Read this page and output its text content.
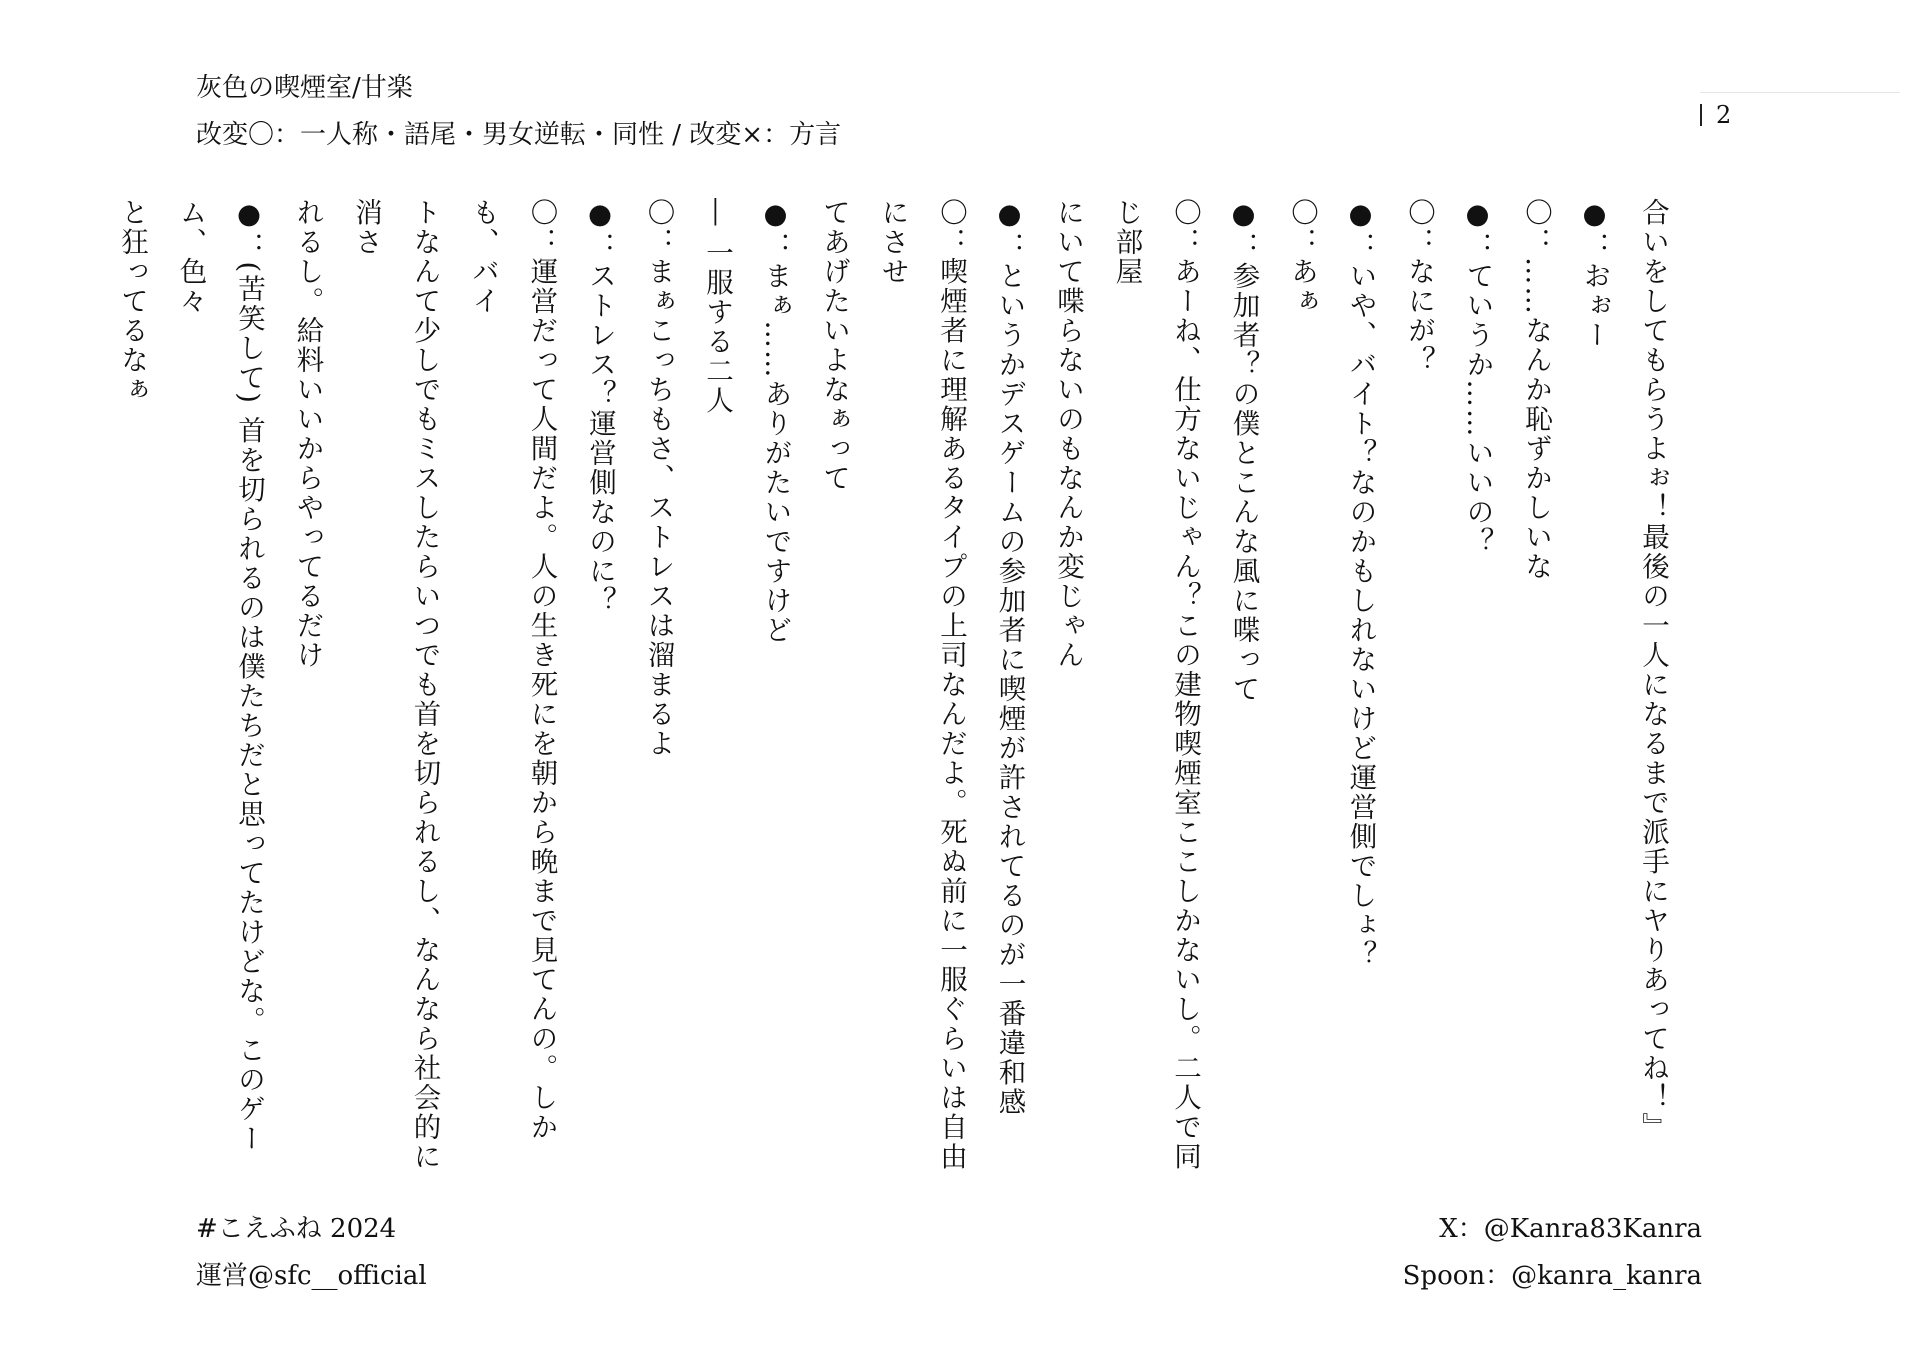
灰色の喫煙室/甘楽
改変〇：一人称・語尾・男女逆転・同性 / 改変×：方言
2

合いをしてもらうよぉ！最後の一人になるまで派手にヤりあってね！』

●：おぉー

〇：……なんか恥ずかしいな

●：ていうか……いいの？

〇：なにが？

●：いや、バイト？なのかもしれないけど運営側でしょ？

〇：あぁ

●：参加者？の僕とこんな風に喋って

〇：あーね、仕方ないじゃん？この建物喫煙室ここしかないし。二人で同じ部屋

にいて喋らないのもなんか変じゃん

●：というかデスゲームの参加者に喫煙が許されてるのが一番違和感

〇：喫煙者に理解あるタイプの上司なんだよ。死ぬ前に一服ぐらいは自由にさせ

てあげたいよなぁって

●：まぁ……ありがたいですけど

― 一服する二人

〇：まぁこっちもさ、ストレスは溜まるよ

●：ストレス？運営側なのに？

〇：運営だって人間だよ。人の生き死にを朝から晩まで見てんの。しかも、バイ

トなんて少しでもミスしたらいつでも首を切られるし、なんなら社会的に消さ

れるし。給料いいからやってるだけ

●：(苦笑して) 首を切られるのは僕たちだと思ってたけどな。このゲーム、色々

と狂ってるなぁ

#こえふね 2024
運営@sfc__official
X：@Kanra83Kanra
Spoon：@kanra_kanra
